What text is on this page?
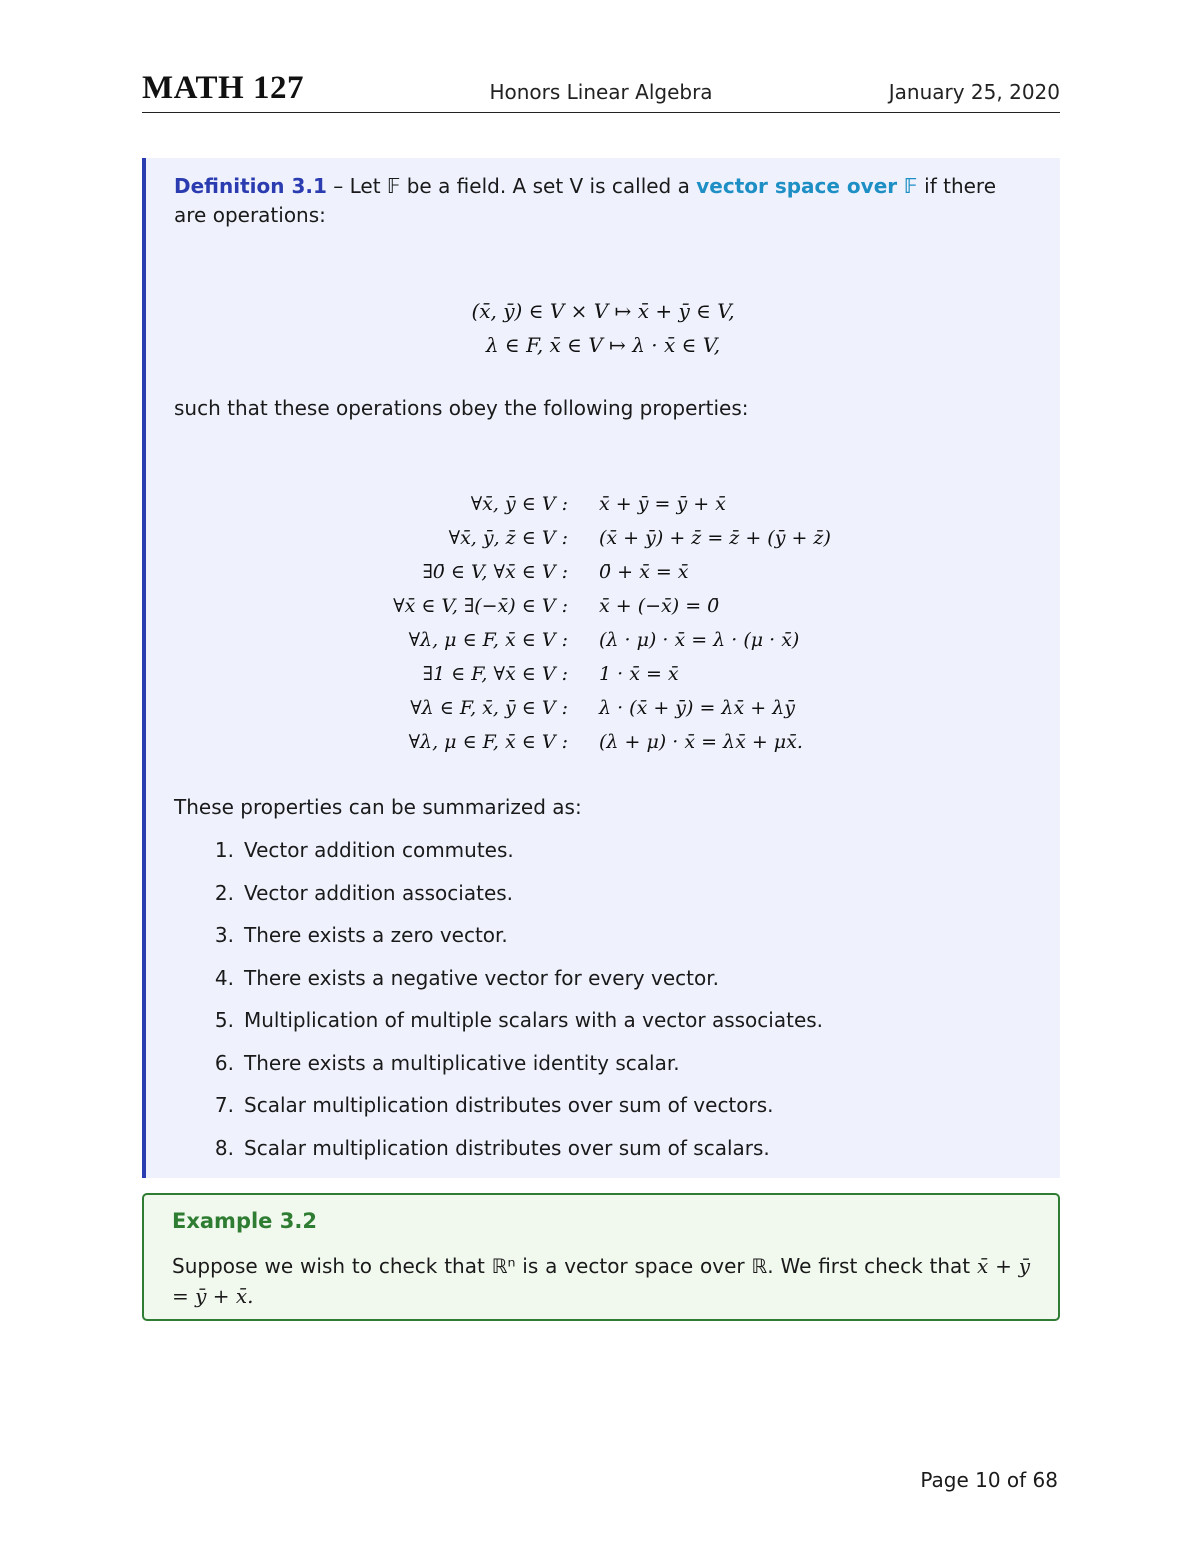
MATH 127	Honors Linear Algebra	January 25, 2020
Definition 3.1 – Let 𝔽 be a field. A set V is called a vector space over 𝔽 if there are operations:
(x̄, ȳ) ∈ V × V ↦ x̄ + ȳ ∈ V,
λ ∈ F, x̄ ∈ V ↦ λ · x̄ ∈ V,
such that these operations obey the following properties:
∀x̄, ȳ ∈ V : x̄ + ȳ = ȳ + x̄
∀x̄, ȳ, z̄ ∈ V : (x̄ + ȳ) + z̄ = z̄ + (ȳ + z̄)
∃0̄ ∈ V, ∀x̄ ∈ V : 0̄ + x̄ = x̄
∀x̄ ∈ V, ∃(−x̄) ∈ V : x̄ + (−x̄) = 0̄
∀λ, μ ∈ F, x̄ ∈ V : (λ · μ) · x̄ = λ · (μ · x̄)
∃1 ∈ F, ∀x̄ ∈ V : 1 · x̄ = x̄
∀λ ∈ F, x̄, ȳ ∈ V : λ · (x̄ + ȳ) = λx̄ + λȳ
∀λ, μ ∈ F, x̄ ∈ V : (λ + μ) · x̄ = λx̄ + μx̄.
These properties can be summarized as:
1. Vector addition commutes.
2. Vector addition associates.
3. There exists a zero vector.
4. There exists a negative vector for every vector.
5. Multiplication of multiple scalars with a vector associates.
6. There exists a multiplicative identity scalar.
7. Scalar multiplication distributes over sum of vectors.
8. Scalar multiplication distributes over sum of scalars.
Example 3.2
Suppose we wish to check that ℝⁿ is a vector space over ℝ. We first check that x̄ + ȳ = ȳ + x̄.
Page 10 of 68
